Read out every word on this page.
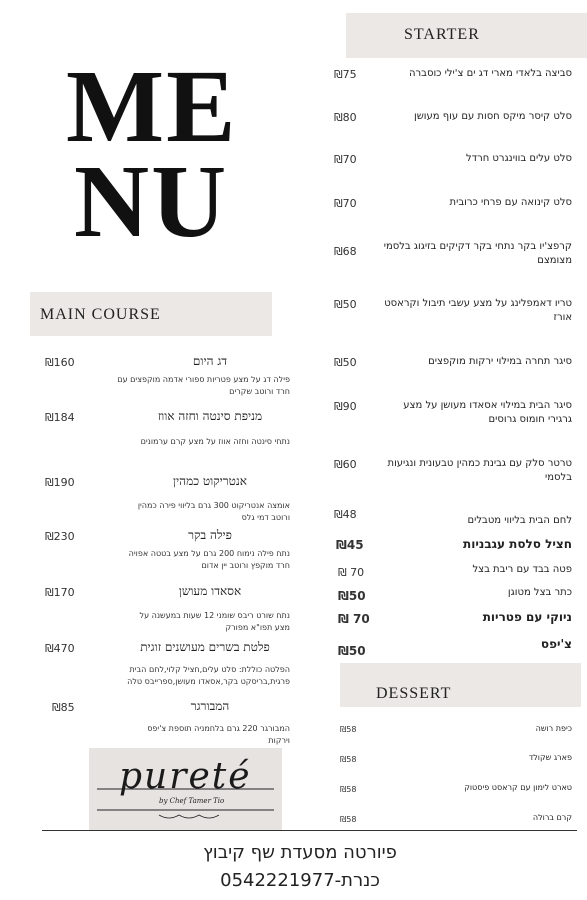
ME
NU
STARTER
₪75	סביצה בלאדי מארי דג ים צ'ילי כוסברה
₪80	סלט קיסר מיקס חסות עם עוף מעושן
₪70	סלט עלים בווינגרט חרדל
₪70	סלט קינואה עם פרחי כרובית
₪68	קרפצ'יו בקר נתחי בקר דקיקים בזיגוג בלסמי מצומצם
₪50	טריו דאמפלינג על מצע עשבי תיבול וקראסט אורז
₪50	סיגר תחרה במילוי ירקות מוקפצים
₪90	סיגר הבית במילוי אסאדו מעושן על מצע גרגירי חומוס גרוסים
₪60	טרטר סלק עם גבינת כמהין טבעונית ונגיעות בלסמי
₪48	לחם הבית בליווי מטבלים
₪45	חציל סלסת עגבניות
₪ 70	פטה בבד עם ריבת בצל
₪50	כתר בצל מטוגן
₪ 70	ניוקי עם פטריות
₪50	צ'יפס
DESSERT
₪58	כיפת רושה
₪58	פארג שקולד
₪58	טארט לימון עם קראסט פיסטוק
₪58	קרם ברולה
MAIN COURSE
₪160	דג היום
פילה דג על מצע פטריות ספורי אדמה מוקפצים עם
חרד ורוטב שקרים
₪184	מניפת סינטה וחזה אווז
נתחי סינטה וחזה אווז על מצע קרם ערמונים
₪190	אנטריקוט כמהין
אומצה אנטריקוט 300 גרם בליווי פירה כמהין
ורוטב דמי גלס
₪230	פילה בקר
נתח פילה נימוח 200 גרם על מצע בטטה אפויה
חרד מוקפץ ורוטב יין אדום
₪170	אסאדו מעושן
נתח שורט ריבס שומני 12 שעות במעשנה על
מצע תפו"א מפורק
₪470	פלטת בשרים מעושנים זוגית
הפלטה כוללת: סלט עלים,חציל קלוי,לחם הבית
פרגית,בריסקט בקר,אסאדו מעושן,ספרייבס טלה
₪85	המבורגר
המבורגר 220 גרם בלחמניה תוספת צ'יפס
וירקות
pureté
by Chef Tamer Tio
פיורטה מסעדת שף קיבוץ
כנרת-0542221977
